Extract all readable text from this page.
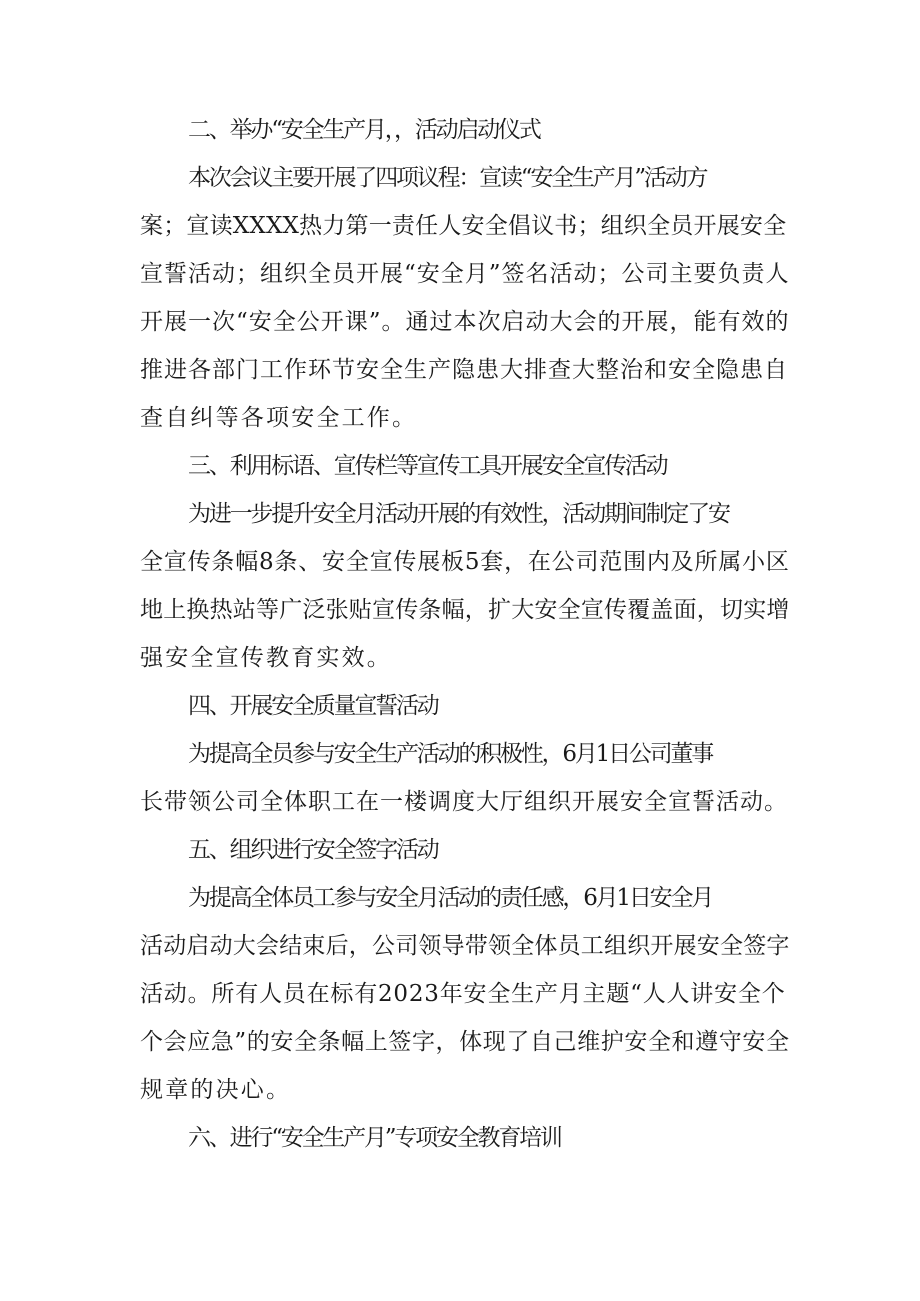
二、举办“安全生产月，，活动启动仪式
本次会议主要开展了四项议程：宣读“安全生产月”活动方
案；宣读XXXX热力第一责任人安全倡议书；组织全员开展安全
宣誓活动；组织全员开展“安全月”签名活动；公司主要负责人
开展一次“安全公开课”。通过本次启动大会的开展，能有效的
推进各部门工作环节安全生产隐患大排查大整治和安全隐患自
查自纠等各项安全工作。
三、利用标语、宣传栏等宣传工具开展安全宣传活动
为进一步提升安全月活动开展的有效性，活动期间制定了安
全宣传条幅8条、安全宣传展板5套，在公司范围内及所属小区
地上换热站等广泛张贴宣传条幅，扩大安全宣传覆盖面，切实增
强安全宣传教育实效。
四、开展安全质量宣誓活动
为提高全员参与安全生产活动的积极性，6月1日公司董事
长带领公司全体职工在一楼调度大厅组织开展安全宣誓活动。
五、组织进行安全签字活动
为提高全体员工参与安全月活动的责任感，6月1日安全月
活动启动大会结束后，公司领导带领全体员工组织开展安全签字
活动。所有人员在标有2023年安全生产月主题“人人讲安全个
个会应急”的安全条幅上签字，体现了自己维护安全和遵守安全
规章的决心。
六、进行“安全生产月”专项安全教育培训
